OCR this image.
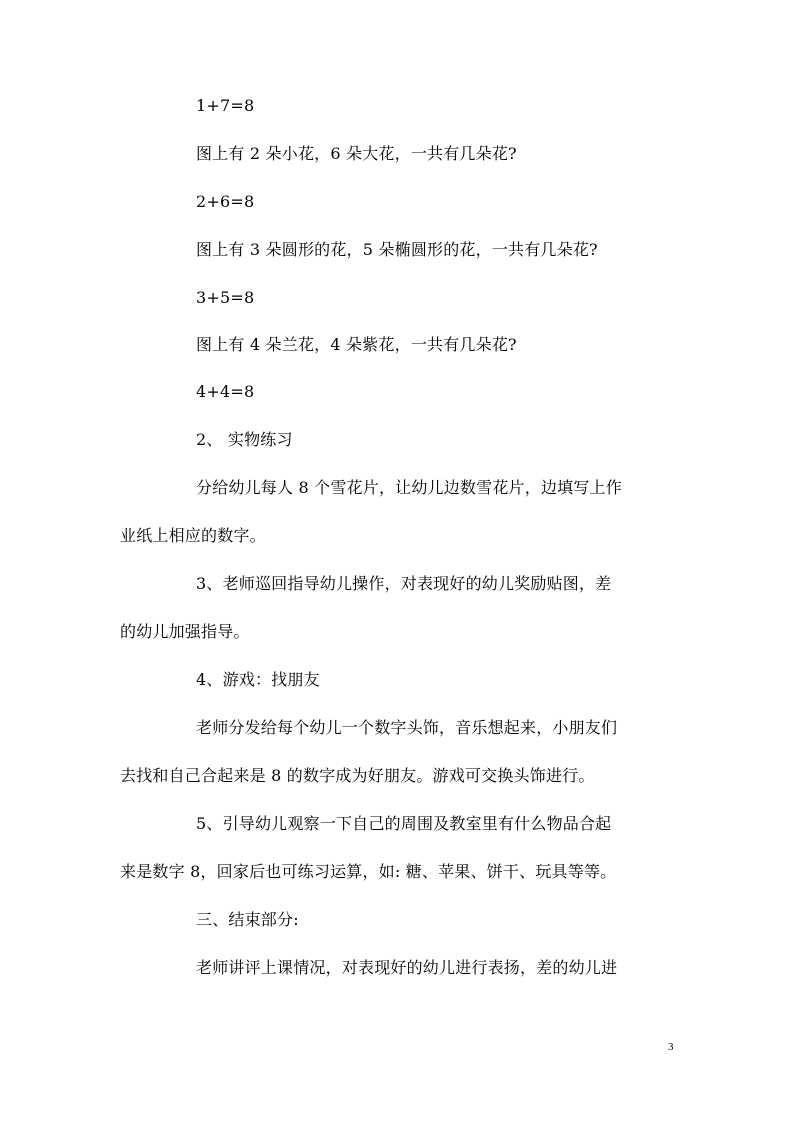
1+7=8
图上有 2 朵小花，6 朵大花，一共有几朵花?
2+6=8
图上有 3 朵圆形的花，5 朵椭圆形的花，一共有几朵花?
3+5=8
图上有 4 朵兰花，4 朵紫花，一共有几朵花?
4+4=8
2、 实物练习
分给幼儿每人 8 个雪花片，让幼儿边数雪花片，边填写上作
业纸上相应的数字。
3、老师巡回指导幼儿操作，对表现好的幼儿奖励贴图，差
的幼儿加强指导。
4、游戏：找朋友
老师分发给每个幼儿一个数字头饰，音乐想起来，小朋友们
去找和自己合起来是 8 的数字成为好朋友。游戏可交换头饰进行。
5、引导幼儿观察一下自己的周围及教室里有什么物品合起
来是数字 8，回家后也可练习运算，如: 糖、苹果、饼干、玩具等等。
三、结束部分:
老师讲评上课情况，对表现好的幼儿进行表扬，差的幼儿进
3
